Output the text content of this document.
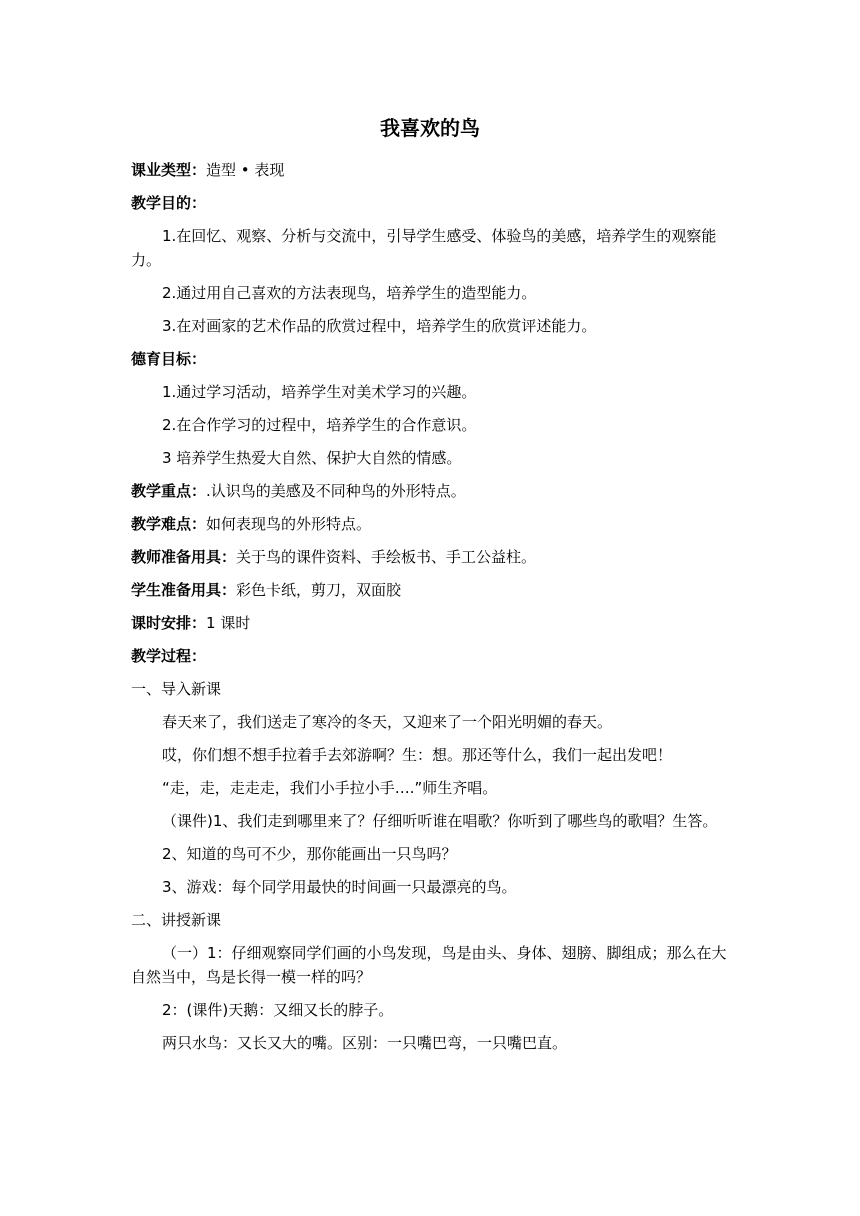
我喜欢的鸟
课业类型：造型 • 表现
教学目的：
1.在回忆、观察、分析与交流中，引导学生感受、体验鸟的美感，培养学生的观察能力。
2.通过用自己喜欢的方法表现鸟，培养学生的造型能力。
3.在对画家的艺术作品的欣赏过程中，培养学生的欣赏评述能力。
德育目标：
1.通过学习活动，培养学生对美术学习的兴趣。
2.在合作学习的过程中，培养学生的合作意识。
3 培养学生热爱大自然、保护大自然的情感。
教学重点：.认识鸟的美感及不同种鸟的外形特点。
教学难点：如何表现鸟的外形特点。
教师准备用具：关于鸟的课件资料、手绘板书、手工公益柱。
学生准备用具：彩色卡纸，剪刀，双面胶
课时安排：1 课时
教学过程：
一、导入新课
春天来了，我们送走了寒冷的冬天，又迎来了一个阳光明媚的春天。
哎，你们想不想手拉着手去郊游啊？生：想。那还等什么，我们一起出发吧！
“走，走，走走走，我们小手拉小手….”师生齐唱。
（课件)1、我们走到哪里来了？仔细听听谁在唱歌？你听到了哪些鸟的歌唱？生答。
2、知道的鸟可不少，那你能画出一只鸟吗？
3、游戏：每个同学用最快的时间画一只最漂亮的鸟。
二、讲授新课
（一）1：仔细观察同学们画的小鸟发现，鸟是由头、身体、翅膀、脚组成；那么在大自然当中，鸟是长得一模一样的吗？
2：(课件)天鹅：又细又长的脖子。
两只水鸟：又长又大的嘴。区别：一只嘴巴弯，一只嘴巴直。
